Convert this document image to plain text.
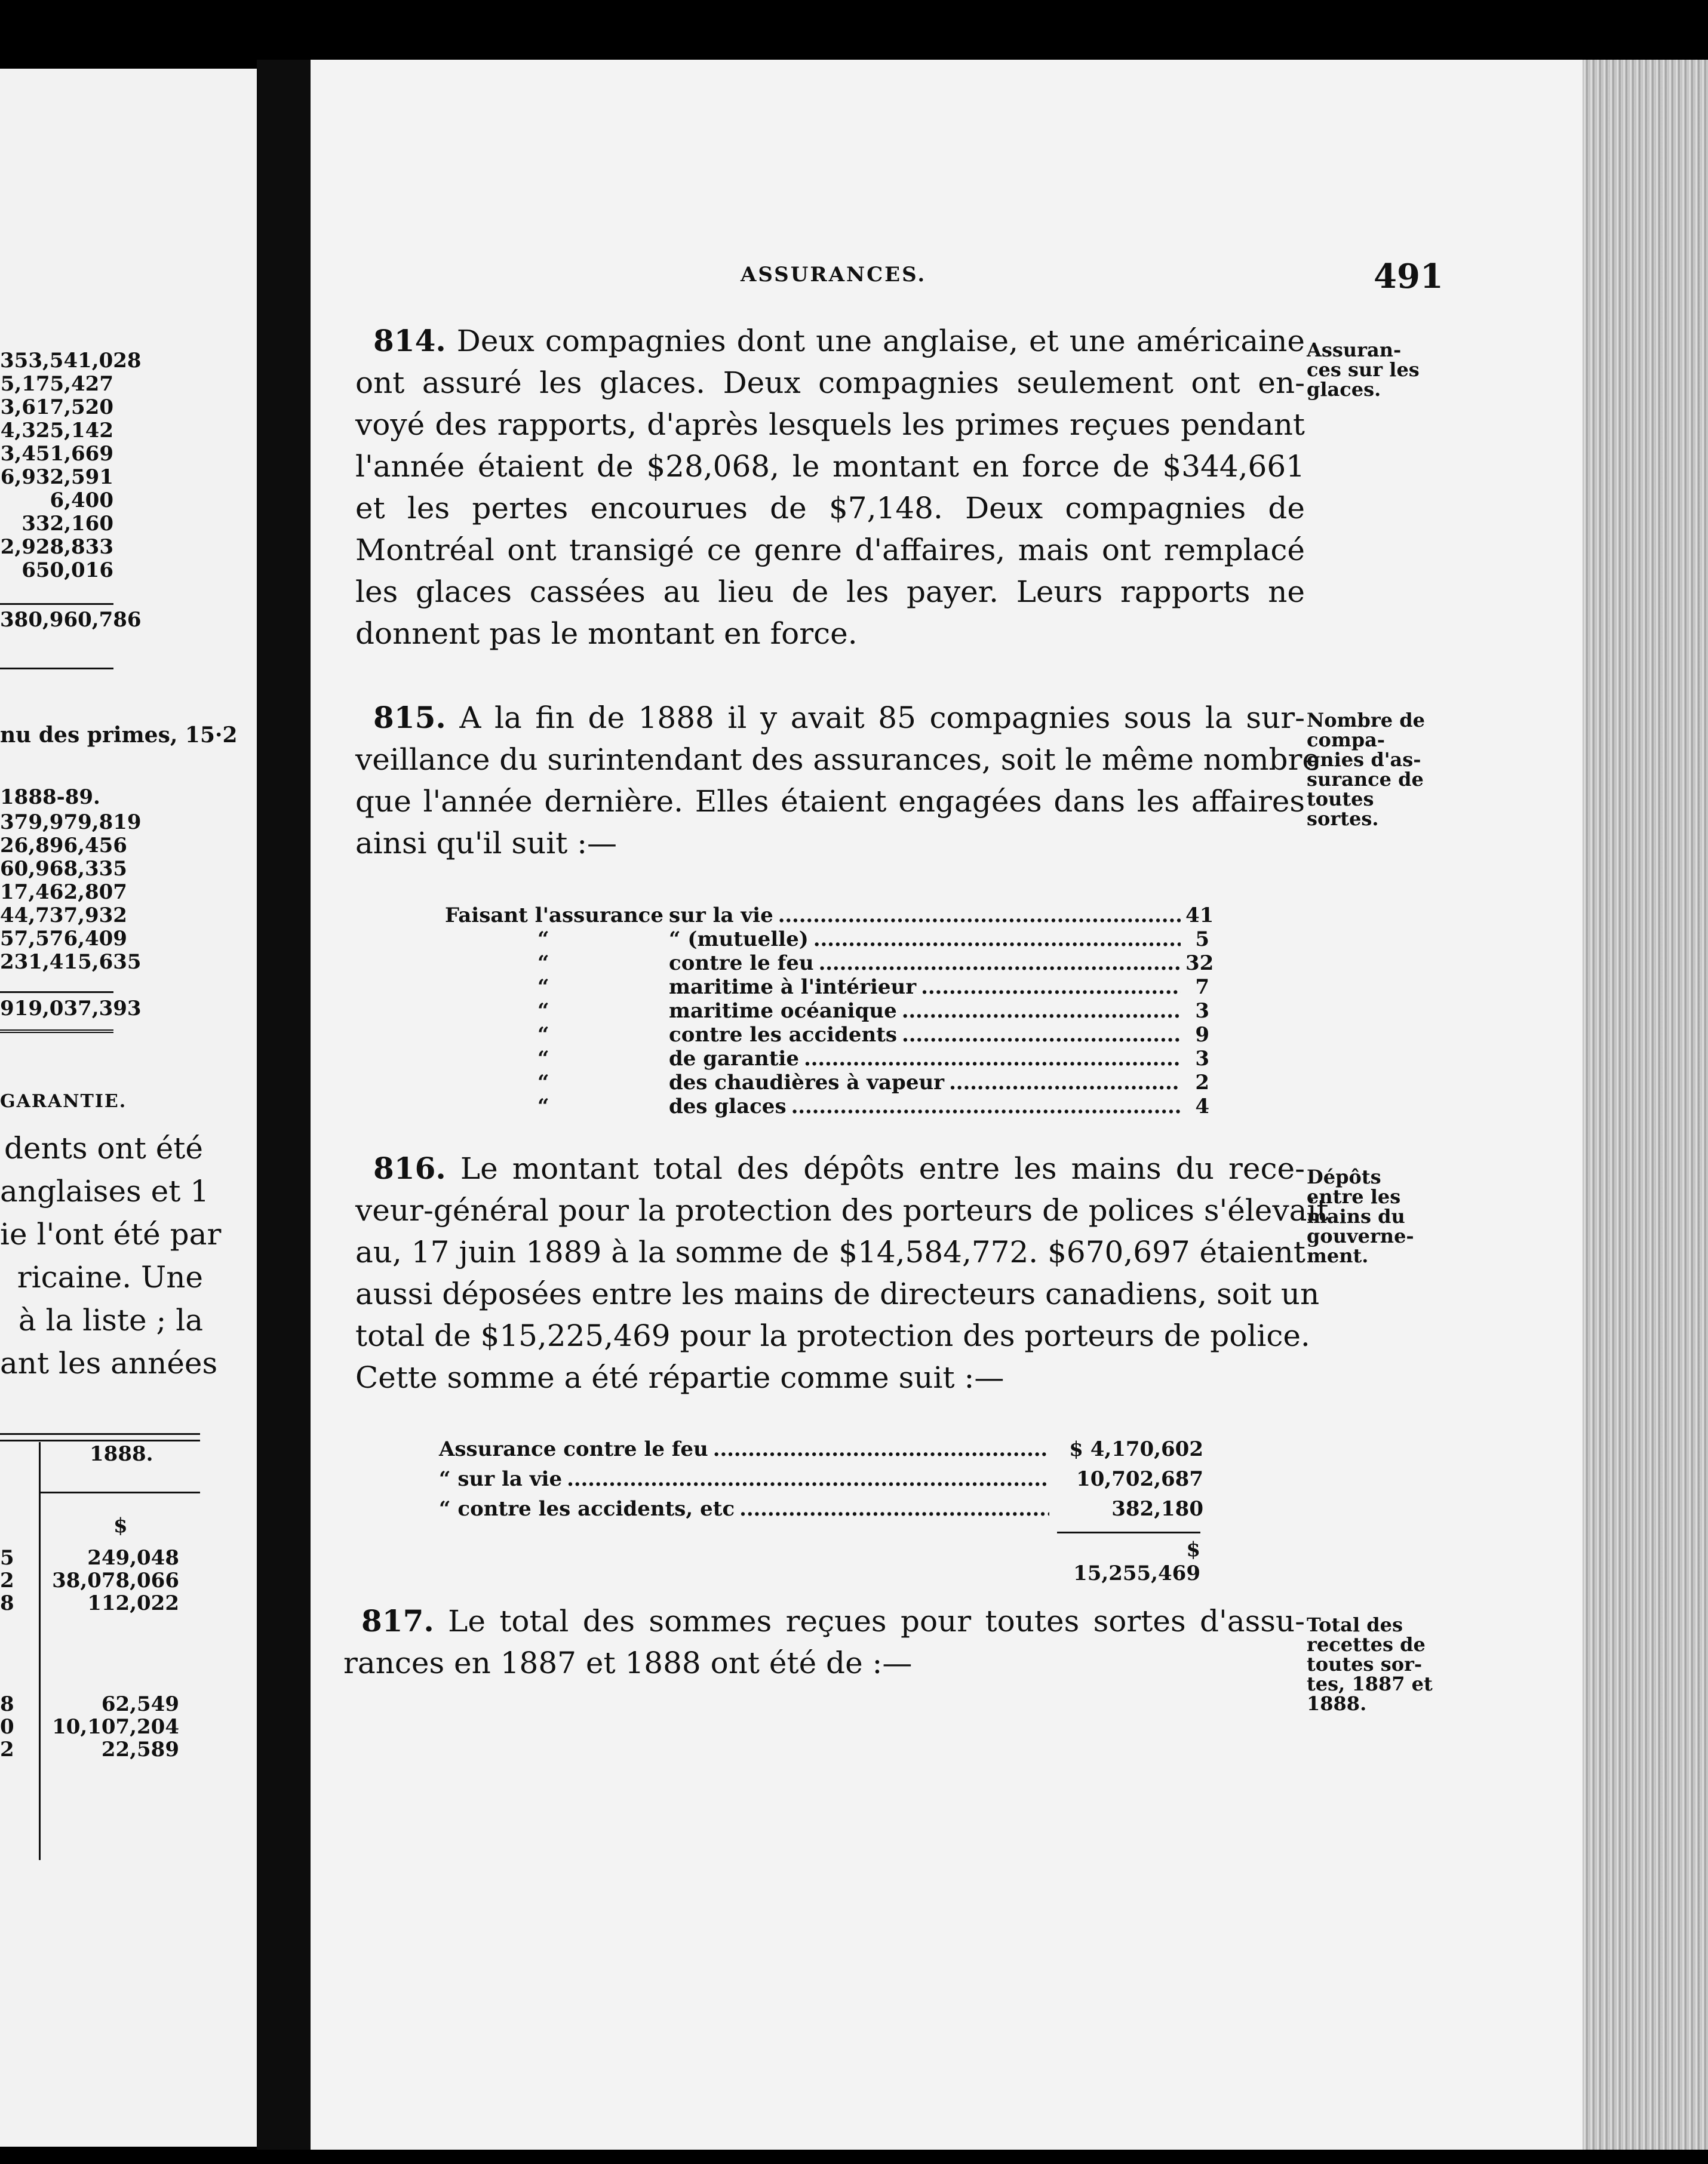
353,541,028
5,175,427
3,617,520
4,325,142
3,451,669
6,932,591
6,400
332,160
2,928,833
650,016
380,960,786
nu des primes, 15·2
1888-89.
379,979,819
26,896,456
60,968,335
17,462,807
44,737,932
57,576,409
231,415,635
919,037,393
GARANTIE.
dents ont été
anglaises et 1
ie l'ont été par
ricaine. Une
à la liste ; la
ant les années
1888.
$
5	249,048
2 38,078,066
8	112,022
8	62,549
0 10,107,204
2	22,589
ASSURANCES.	491
814. Deux compagnies dont une anglaise, et une américaine
ont assuré les glaces. Deux compagnies seulement ont en-
voyé des rapports, d'après lesquels les primes reçues pendant
l'année étaient de $28,068, le montant en force de $344,661
et les pertes encourues de $7,148. Deux compagnies de
Montréal ont transigé ce genre d'affaires, mais ont remplacé
les glaces cassées au lieu de les payer. Leurs rapports ne
donnent pas le montant en force.
Assuran-
ces sur les
glaces.
815. A la fin de 1888 il y avait 85 compagnies sous la sur-
veillance du surintendant des assurances, soit le même nombre
que l'année dernière. Elles étaient engagées dans les affaires
ainsi qu'il suit :—
Nombre de
compa-
gnies d'as-
surance de
toutes
sortes.
Faisant l'assurance sur la vie . . .	41
“	“ (mutuelle) . . .	5
“	contre le feu . . .	32
“	maritime à l'intérieur . . .	7
“	maritime océanique . . .	3
“	contre les accidents . . .	9
“	de garantie . . .	3
“	des chaudières à vapeur . . .	2
“	des glaces . . .	4
816. Le montant total des dépôts entre les mains du rece-
veur-général pour la protection des porteurs de polices s'élevait
au, 17 juin 1889 à la somme de $14,584,772. $670,697 étaient
aussi déposées entre les mains de directeurs canadiens, soit un
total de $15,225,469 pour la protection des porteurs de police.
Cette somme a été répartie comme suit :—
Dépôts
entre les
mains du
gouverne-
ment.
Assurance contre le feu . . .	$ 4,170,602
“ sur la vie . . .	10,702,687
“ contre les accidents, etc . . .	382,180
$ 15,255,469
817. Le total des sommes reçues pour toutes sortes d'assu-
rances en 1887 et 1888 ont été de :—
Total des
recettes de
toutes sor-
tes, 1887 et
1888.
